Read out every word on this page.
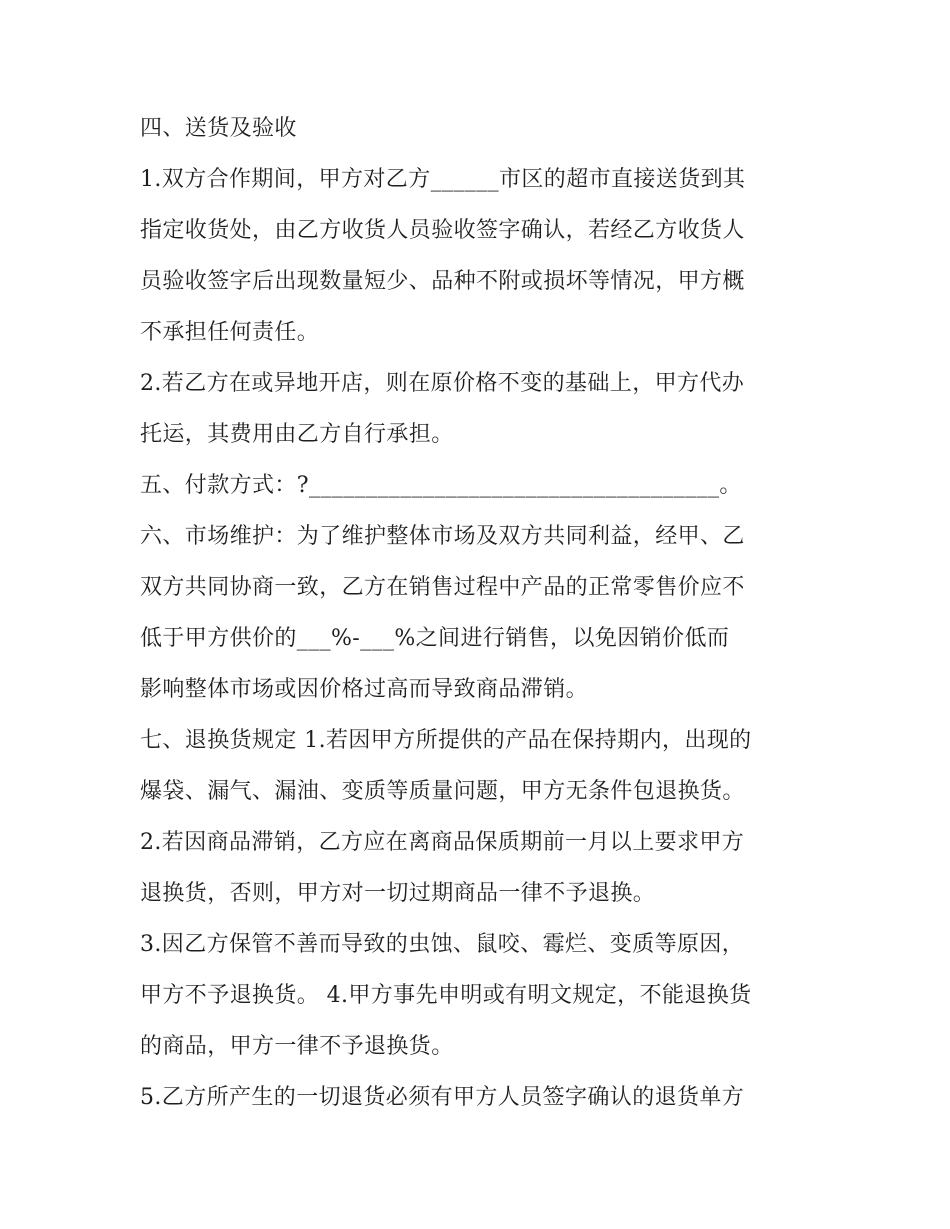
四、送货及验收
1.双方合作期间，甲方对乙方______市区的超市直接送货到其
指定收货处，由乙方收货人员验收签字确认，若经乙方收货人
员验收签字后出现数量短少、品种不附或损坏等情况，甲方概
不承担任何责任。
2.若乙方在或异地开店，则在原价格不变的基础上，甲方代办
托运，其费用由乙方自行承担。
五、付款方式：?____________________________________。
六、市场维护：为了维护整体市场及双方共同利益，经甲、乙
双方共同协商一致，乙方在销售过程中产品的正常零售价应不
低于甲方供价的___%-___%之间进行销售，以免因销价低而
影响整体市场或因价格过高而导致商品滞销。
七、退换货规定 1.若因甲方所提供的产品在保持期内，出现的
爆袋、漏气、漏油、变质等质量问题，甲方无条件包退换货。
2.若因商品滞销，乙方应在离商品保质期前一月以上要求甲方
退换货，否则，甲方对一切过期商品一律不予退换。
3.因乙方保管不善而导致的虫蚀、鼠咬、霉烂、变质等原因，
甲方不予退换货。 4.甲方事先申明或有明文规定，不能退换货
的商品，甲方一律不予退换货。
5.乙方所产生的一切退货必须有甲方人员签字确认的退货单方
